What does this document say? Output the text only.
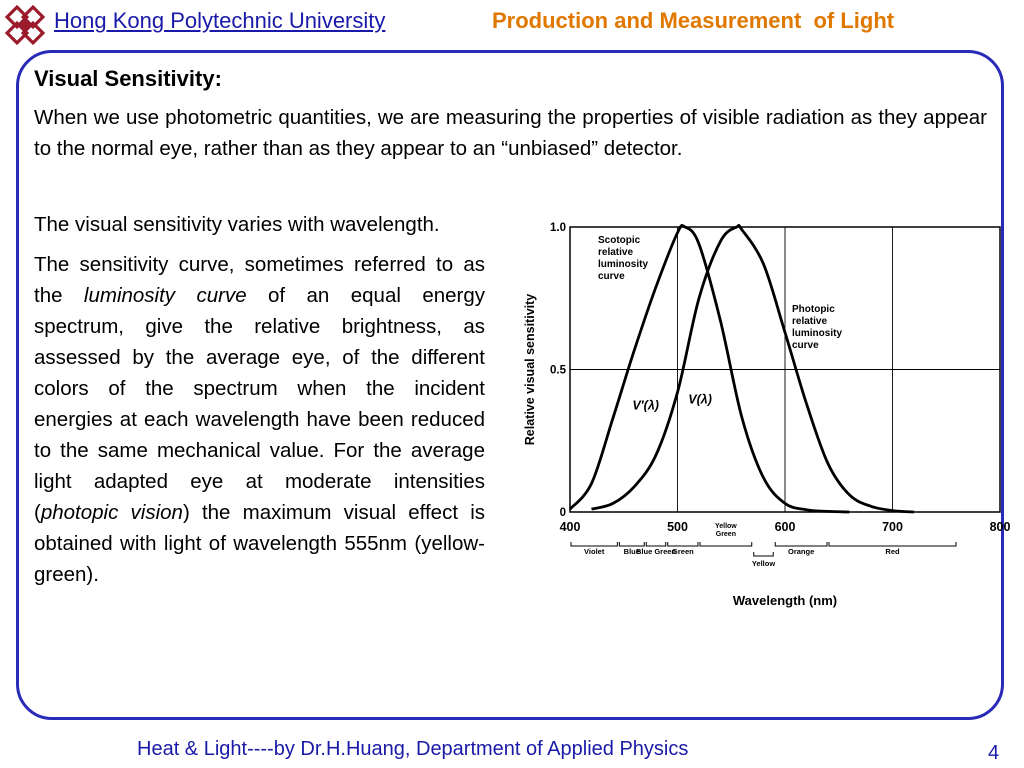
Hong Kong Polytechnic University	Production and Measurement  of Light
Visual Sensitivity:
When we use photometric quantities, we are measuring the properties of visible radiation as they appear to the normal eye, rather than as they appear to an “unbiased” detector.

The visual sensitivity varies with wavelength.

The sensitivity curve, sometimes referred to as the luminosity curve of an equal energy spectrum, give the relative brightness, as assessed by the average eye, of the different colors of the spectrum when the incident energies at each wavelength have been reduced to the same mechanical value. For the average light adapted eye at moderate intensities (photopic vision) the maximum visual effect is obtained with light of wavelength 555nm (yellow-green).

400	500	600	700	800
0
0.5
1.0
Relative visual sensitivity
Wavelength (nm)
Scotopic relative luminosity curve
Photopic relative luminosity curve
V′(λ) V(λ)
Violet	Blue
Blue Green
Green
Yellow Green
Yellow
Orange	Red
Heat & Light----by Dr.H.Huang, Department of Applied Physics	4
